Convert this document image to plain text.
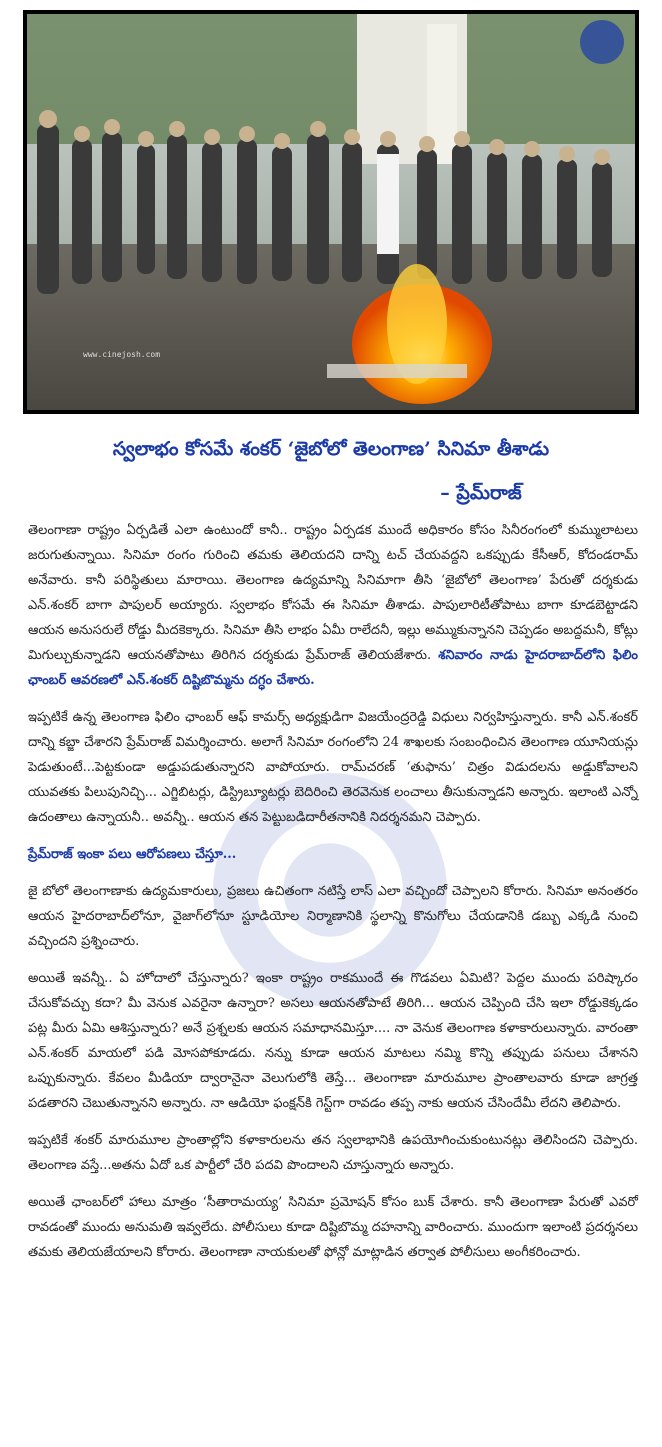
www.cinejosh.com
స్వలాభం కోసమే శంకర్ ‘జైబోలో తెలంగాణ’ సినిమా తీశాడు
– ప్రేమ్‌రాజ్

తెలంగాణా రాష్ట్రం ఏర్పడితే ఎలా ఉంటుందో కానీ.. రాష్ట్రం ఏర్పడక ముందే అధికారం కోసం సినీరంగంలో కుమ్ములాటలు జరుగుతున్నాయి. సినిమా రంగం గురించి తమకు తెలియదని దాన్ని టచ్ చేయవద్దని ఒకప్పుడు కేసీఆర్, కోదండరామ్ అనేవారు. కానీ పరిస్థితులు మారాయి. తెలంగాణ ఉద్యమాన్ని సినిమాగా తీసి ‘జైబోలో తెలంగాణ’ పేరుతో దర్శకుడు ఎన్.శంకర్ బాగా పాపులర్ అయ్యారు. స్వలాభం కోసమే ఈ సినిమా తీశాడు. పాపులారిటీతోపాటు బాగా కూడబెట్టాడని ఆయన అనుసరులే రోడ్డు మీదకెక్కారు. సినిమా తీసి లాభం ఏమీ రాలేదనీ, ఇల్లు అమ్ముకున్నానని చెప్పడం అబద్దమనీ, కోట్లు మిగుల్చుకున్నాడని ఆయనతోపాటు తిరిగిన దర్శకుడు ప్రేమ్‌రాజ్ తెలియజేశారు. శనివారం నాడు హైదరాబాద్‌లోని ఫిలిం ఛాంబర్ ఆవరణలో ఎన్.శంకర్ దిష్టిబొమ్మను దగ్ధం చేశారు.

ఇప్పటికే ఉన్న తెలంగాణ ఫిలిం ఛాంబర్ ఆఫ్ కామర్స్ అధ్యక్షుడిగా విజయేంద్రరెడ్డి విధులు నిర్వహిస్తున్నారు. కానీ ఎన్.శంకర్ దాన్ని కబ్జా చేశారని ప్రేమ్‌రాజ్ విమర్శించారు. అలాగే సినిమా రంగంలోని 24 శాఖలకు సంబంధించిన తెలంగాణ యూనియన్లు పెడుతుంటే...పెట్టకుండా అడ్డుపడుతున్నారని వాపోయారు. రామ్‌చరణ్ ‘తుఫాను’ చిత్రం విడుదలను అడ్డుకోవాలని యువతకు పిలుపునిచ్చి... ఎగ్జిబిటర్లు, డిస్ట్రిబ్యూటర్లు బెదిరించి తెరవెనుక లంచాలు తీసుకున్నాడని అన్నారు. ఇలాంటి ఎన్నో ఉదంతాలు ఉన్నాయనీ.. అవన్నీ.. ఆయన తన పెట్టుబడిదారీతనానికి నిదర్శనమని చెప్పారు.

ప్రేమ్‌రాజ్ ఇంకా పలు ఆరోపణలు చేస్తూ...

జై బోలో తెలంగాణాకు ఉద్యమకారులు, ప్రజలు ఉచితంగా నటిస్తే లాస్ ఎలా వచ్చిందో చెప్పాలని కోరారు. సినిమా అనంతరం ఆయన హైదరాబాద్‌లోనూ, వైజాగ్‌లోనూ స్టూడియోల నిర్మాణానికి స్థలాన్ని కొనుగోలు చేయడానికి డబ్బు ఎక్కడి నుంచి వచ్చిందని ప్రశ్నించారు.

అయితే ఇవన్నీ.. ఏ హోదాలో చేస్తున్నారు? ఇంకా రాష్ట్రం రాకముందే ఈ గొడవలు ఏమిటి? పెద్దల ముందు పరిష్కారం చేసుకోవచ్చు కదా? మీ వెనుక ఎవరైనా ఉన్నారా? అసలు ఆయనతోపాటే తిరిగి... ఆయన చెప్పింది చేసి ఇలా రోడ్డుకెక్కడం పట్ల మీరు ఏమి ఆశిస్తున్నారు? అనే ప్రశ్నలకు ఆయన సమాధానమిస్తూ.... నా వెనుక తెలంగాణ కళాకారులున్నారు. వారంతా ఎన్.శంకర్ మాయలో పడి మోసపోకూడదు. నన్ను కూడా ఆయన మాటలు నమ్మి కొన్ని తప్పుడు పనులు చేశానని ఒప్పుకున్నారు. కేవలం మీడియా ద్వారానైనా వెలుగులోకి తెస్తే... తెలంగాణా మారుమూల ప్రాంతాలవారు కూడా జాగ్రత్త పడతారని చెబుతున్నానని అన్నారు. నా ఆడియో ఫంక్షన్‌కి గెస్ట్‌గా రావడం తప్ప నాకు ఆయన చేసిందేమీ లేదని తెలిపారు.

ఇప్పటికే శంకర్ మారుమూల ప్రాంతాల్లోని కళాకారులను తన స్వలాభానికి ఉపయోగించుకుంటునట్లు తెలిసిందని చెప్పారు. తెలంగాణ వస్తే...అతను ఏదో ఒక పార్టీలో చేరి పదవి పొందాలని చూస్తున్నారు అన్నారు.

అయితే ఛాంబర్‌లో హాలు మాత్రం ‘సీతారామయ్య’ సినిమా ప్రమోషన్ కోసం బుక్ చేశారు. కానీ తెలంగాణా పేరుతో ఎవరో రావడంతో ముందు అనుమతి ఇవ్వలేదు. పోలీసులు కూడా దిష్టిబొమ్మ దహనాన్ని వారించారు. ముందుగా ఇలాంటి ప్రదర్శనలు తమకు తెలియజేయాలని కోరారు. తెలంగాణా నాయకులతో ఫోన్లో మాట్లాడిన తర్వాత పోలీసులు అంగీకరించారు.
